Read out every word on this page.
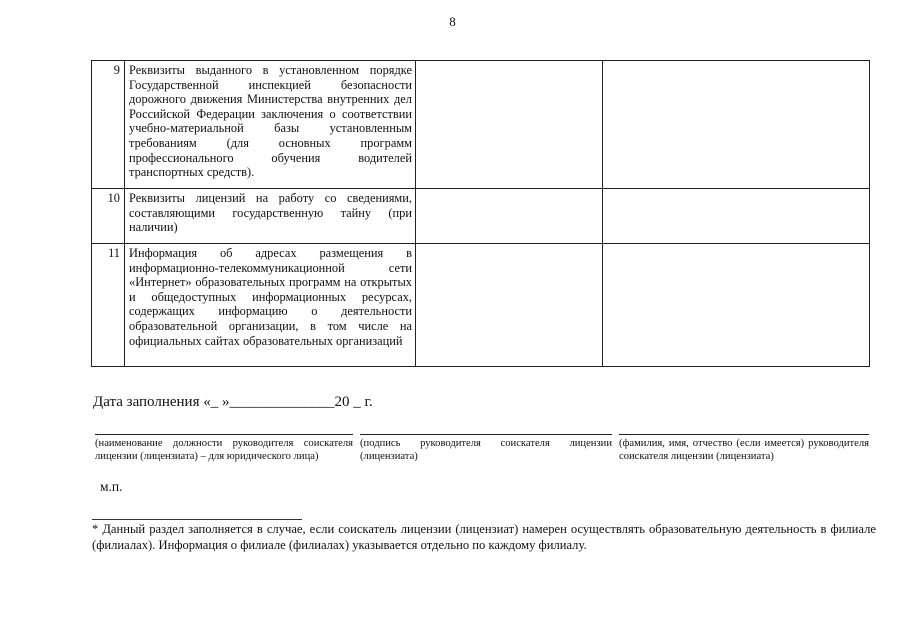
8
9	Реквизиты выданного в установленном порядке Государственной инспекцией безопасности дорожного движения Министерства внутренних дел Российской Федерации заключения о соответствии учебно-материальной базы установленным требованиям (для основных программ профессионального обучения водителей транспортных средств).		
10	Реквизиты лицензий на работу со сведениями, составляющими государственную тайну (при наличии)		
11	Информация об адресах размещения в информационно-телекоммуникационной сети «Интернет» образовательных программ на открытых и общедоступных информационных ресурсах, содержащих информацию о деятельности образовательной организации, в том числе на официальных сайтах образовательных организаций		
Дата заполнения «_ »______________20 _ г.
(наименование должности руководителя соискателя лицензии (лицензиата) – для юридического лица)
(подпись руководителя соискателя лицензии (лицензиата)
(фамилия, имя, отчество (если имеется) руководителя соискателя лицензии (лицензиата)
м.п.
* Данный раздел заполняется в случае, если соискатель лицензии (лицензиат) намерен осуществлять образовательную деятельность в филиале (филиалах). Информация о филиале (филиалах) указывается отдельно по каждому филиалу.
